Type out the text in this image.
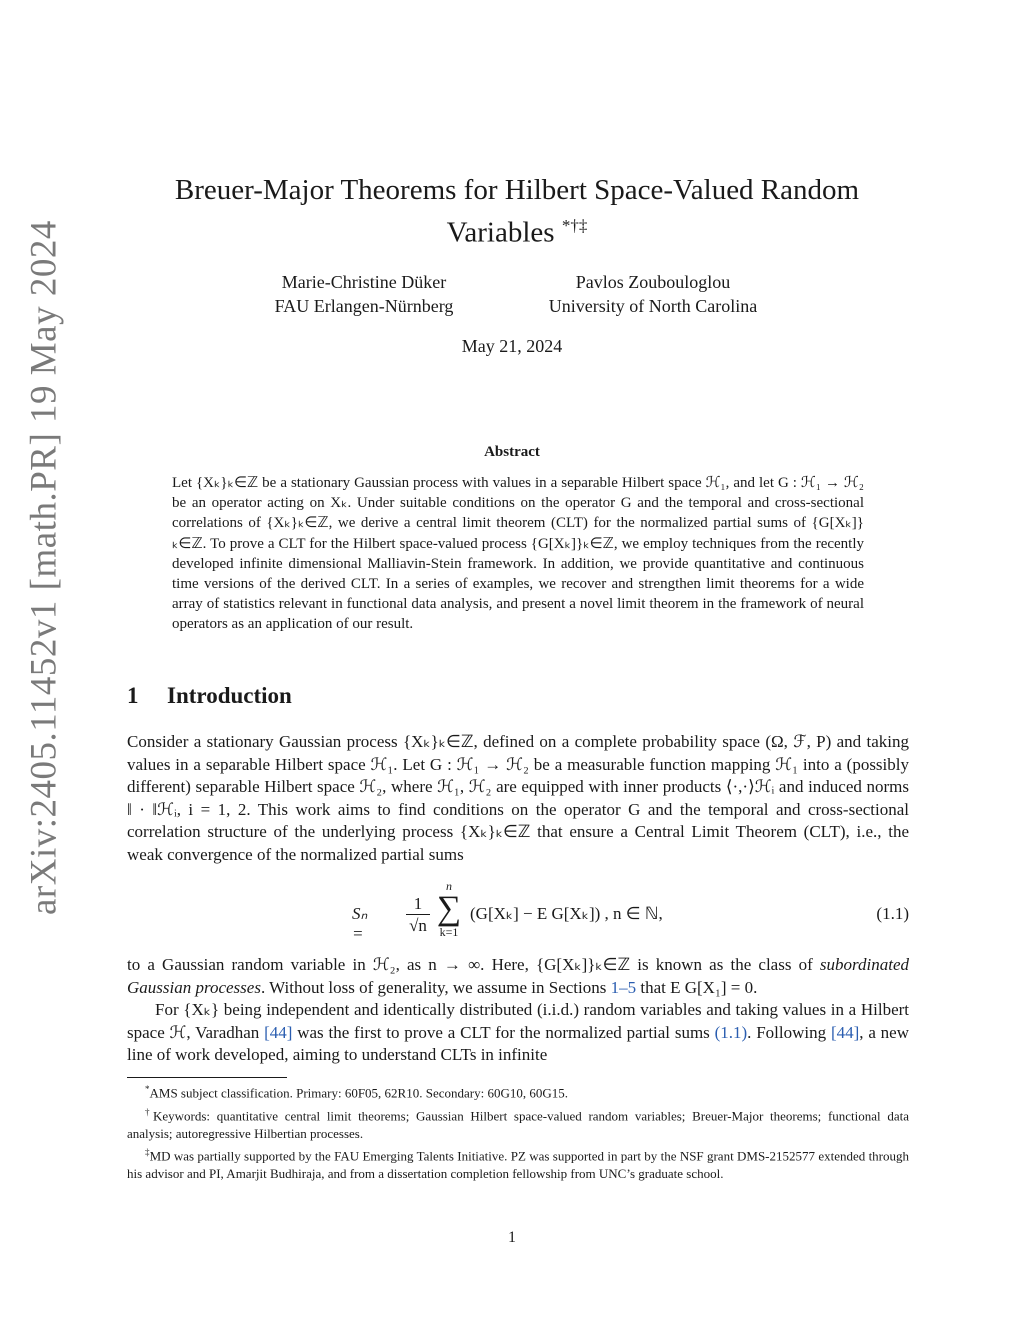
arXiv:2405.11452v1 [math.PR] 19 May 2024
Breuer-Major Theorems for Hilbert Space-Valued Random
Variables *†‡
Marie-Christine Düker
FAU Erlangen-Nürnberg
Pavlos Zoubouloglou
University of North Carolina
May 21, 2024
Abstract

Let {Xₖ}ₖ∈ℤ be a stationary Gaussian process with values in a separable Hilbert space ℋ₁, and let G : ℋ₁ → ℋ₂ be an operator acting on Xₖ. Under suitable conditions on the operator G and the temporal and cross-sectional correlations of {Xₖ}ₖ∈ℤ, we derive a central limit theorem (CLT) for the normalized partial sums of {G[Xₖ]}ₖ∈ℤ. To prove a CLT for the Hilbert space-valued process {G[Xₖ]}ₖ∈ℤ, we employ techniques from the recently developed infinite dimensional Malliavin-Stein framework. In addition, we provide quantitative and continuous time versions of the derived CLT. In a series of examples, we recover and strengthen limit theorems for a wide array of statistics relevant in functional data analysis, and present a novel limit theorem in the framework of neural operators as an application of our result.

1 Introduction

Consider a stationary Gaussian process {Xₖ}ₖ∈ℤ, defined on a complete probability space (Ω, ℱ, P) and taking values in a separable Hilbert space ℋ₁. Let G : ℋ₁ → ℋ₂ be a measurable function mapping ℋ₁ into a (possibly different) separable Hilbert space ℋ₂, where ℋ₁, ℋ₂ are equipped with inner products ⟨·,·⟩ℋᵢ and induced norms ‖ · ‖ℋᵢ, i = 1, 2. This work aims to find conditions on the operator G and the temporal and cross-sectional correlation structure of the underlying process {Xₖ}ₖ∈ℤ that ensure a Central Limit Theorem (CLT), i.e., the weak convergence of the normalized partial sums

Sₙ =	$\frac{1}{√n}$
n
∑
k=1
(G[Xₖ] − E G[Xₖ]) , n ∈ ℕ,	(1.1)

to a Gaussian random variable in ℋ₂, as n → ∞. Here, {G[Xₖ]}ₖ∈ℤ is known as the class of subordinated Gaussian processes. Without loss of generality, we assume in Sections 1–5 that E G[X₁] = 0.

For {Xₖ} being independent and identically distributed (i.i.d.) random variables and taking values in a Hilbert space ℋ, Varadhan [44] was the first to prove a CLT for the normalized partial sums (1.1). Following [44], a new line of work developed, aiming to understand CLTs in infinite

*AMS subject classification. Primary: 60F05, 62R10. Secondary: 60G10, 60G15.

†Keywords: quantitative central limit theorems; Gaussian Hilbert space-valued random variables; Breuer-Major theorems; functional data analysis; autoregressive Hilbertian processes.

‡MD was partially supported by the FAU Emerging Talents Initiative. PZ was supported in part by the NSF grant DMS-2152577 extended through his advisor and PI, Amarjit Budhiraja, and from a dissertation completion fellowship from UNC’s graduate school.

1
